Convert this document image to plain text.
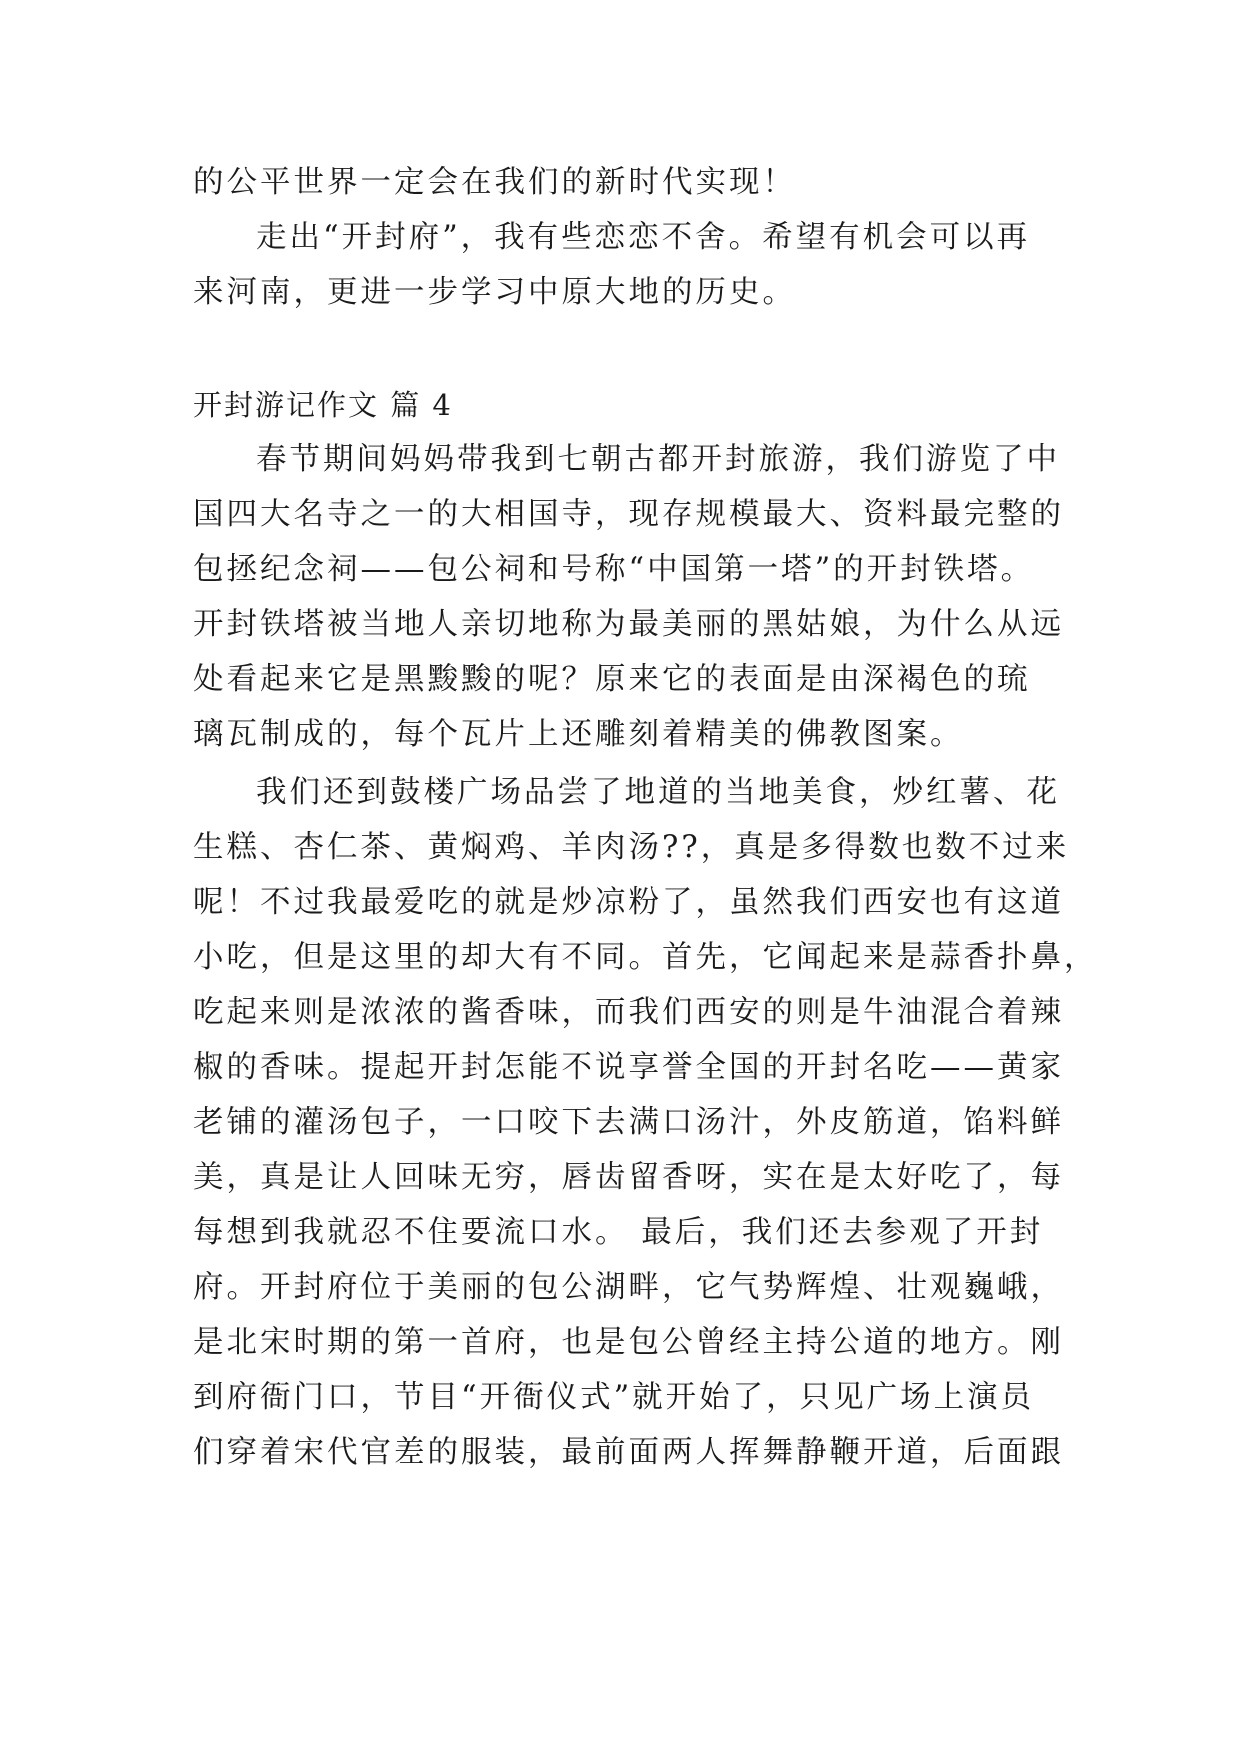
的公平世界一定会在我们的新时代实现！
走出“开封府”，我有些恋恋不舍。希望有机会可以再
来河南，更进一步学习中原大地的历史。
开封游记作文 篇 4
春节期间妈妈带我到七朝古都开封旅游，我们游览了中
国四大名寺之一的大相国寺，现存规模最大、资料最完整的
包拯纪念祠——包公祠和号称“中国第一塔”的开封铁塔。
开封铁塔被当地人亲切地称为最美丽的黑姑娘，为什么从远
处看起来它是黑黢黢的呢？原来它的表面是由深褐色的琉
璃瓦制成的，每个瓦片上还雕刻着精美的佛教图案。
我们还到鼓楼广场品尝了地道的当地美食，炒红薯、花
生糕、杏仁茶、黄焖鸡、羊肉汤??，真是多得数也数不过来
呢！不过我最爱吃的就是炒凉粉了，虽然我们西安也有这道
小吃，但是这里的却大有不同。首先，它闻起来是蒜香扑鼻，
吃起来则是浓浓的酱香味，而我们西安的则是牛油混合着辣
椒的香味。提起开封怎能不说享誉全国的开封名吃——黄家
老铺的灌汤包子，一口咬下去满口汤汁，外皮筋道，馅料鲜
美，真是让人回味无穷，唇齿留香呀，实在是太好吃了，每
每想到我就忍不住要流口水。 最后，我们还去参观了开封
府。开封府位于美丽的包公湖畔，它气势辉煌、壮观巍峨，
是北宋时期的第一首府，也是包公曾经主持公道的地方。刚
到府衙门口，节目“开衙仪式”就开始了，只见广场上演员
们穿着宋代官差的服装，最前面两人挥舞静鞭开道，后面跟
